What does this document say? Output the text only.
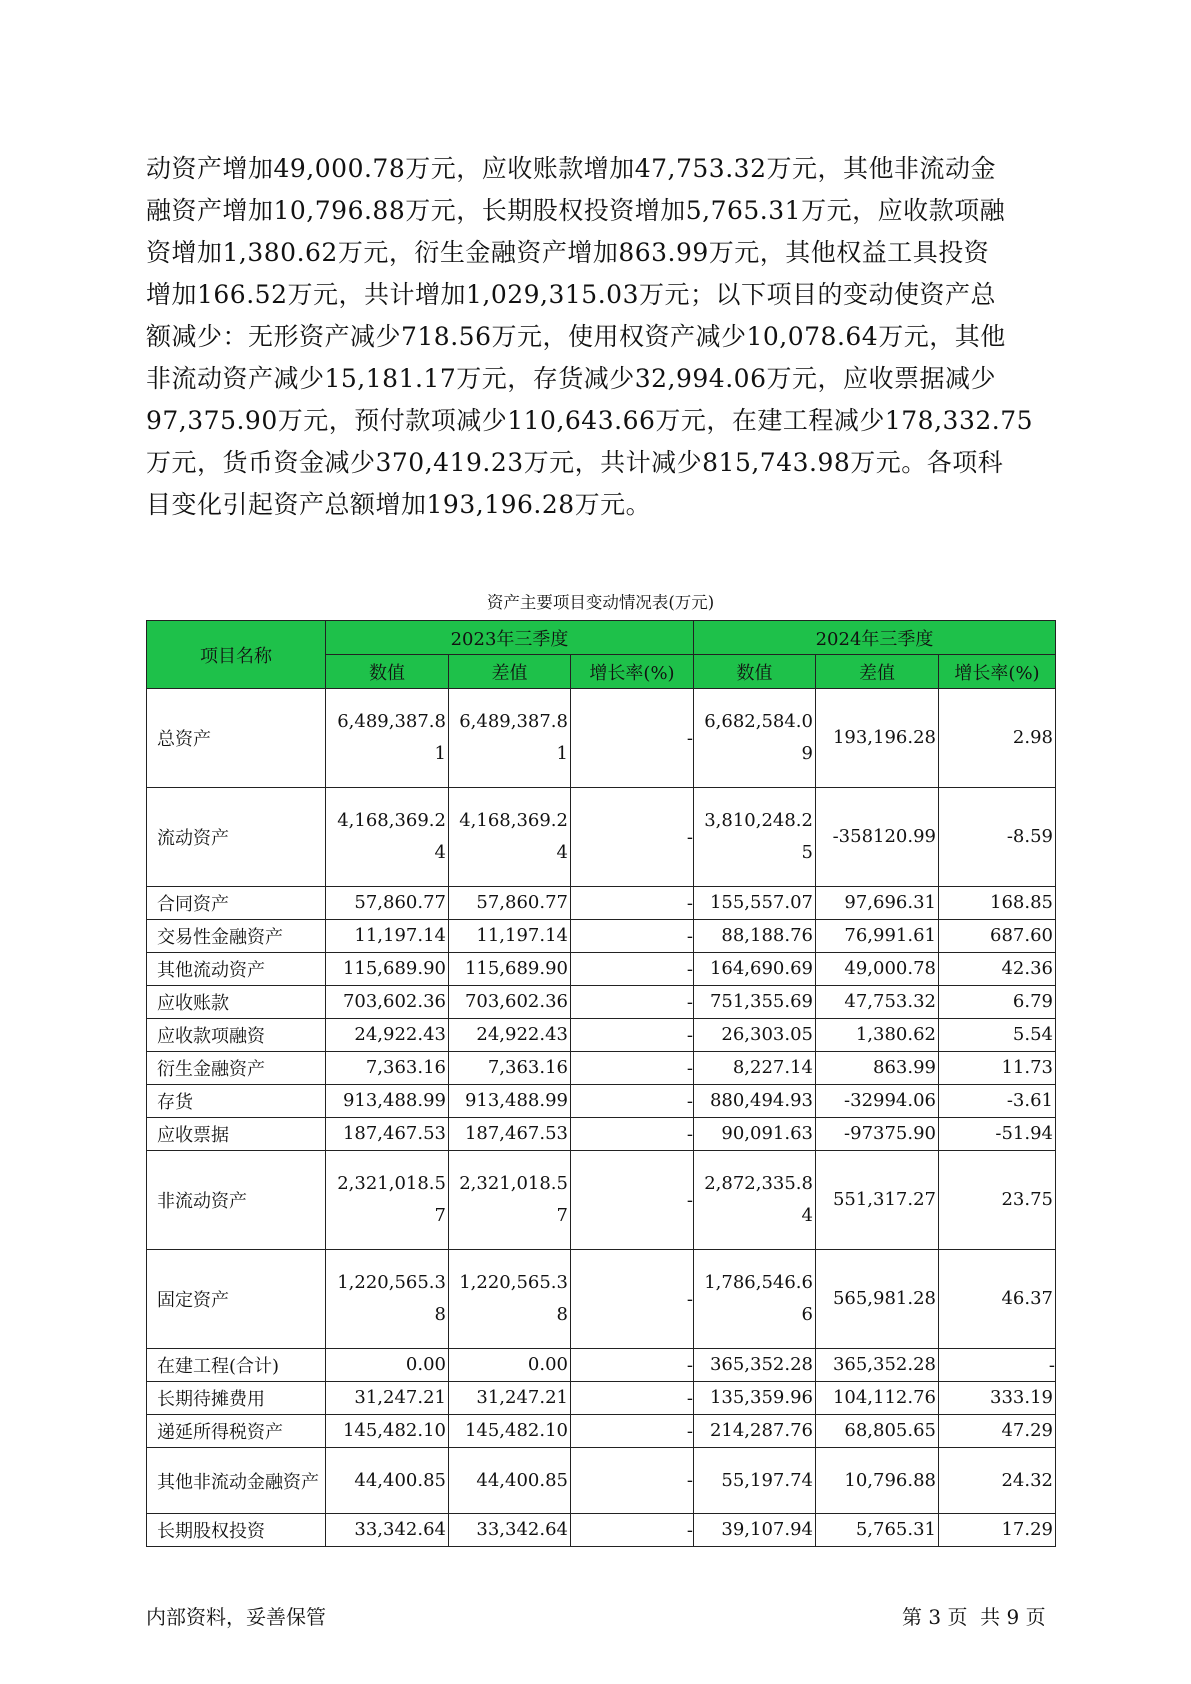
动资产增加49,000.78万元，应收账款增加47,753.32万元，其他非流动金

融资产增加10,796.88万元，长期股权投资增加5,765.31万元，应收款项融

资增加1,380.62万元，衍生金融资产增加863.99万元，其他权益工具投资

增加166.52万元，共计增加1,029,315.03万元；以下项目的变动使资产总

额减少：无形资产减少718.56万元，使用权资产减少10,078.64万元，其他

非流动资产减少15,181.17万元，存货减少32,994.06万元，应收票据减少

97,375.90万元，预付款项减少110,643.66万元，在建工程减少178,332.75

万元，货币资金减少370,419.23万元，共计减少815,743.98万元。各项科

目变化引起资产总额增加193,196.28万元。

资产主要项目变动情况表(万元)
项目名称	2023年三季度			2024年三季度		
	数值	差值	增长率(%)	数值	差值	增长率(%)
总资产	6,489,387.81	6,489,387.81	-	6,682,584.09	193,196.28	2.98
流动资产	4,168,369.24	4,168,369.24	-	3,810,248.25	-358120.99	-8.59
合同资产	57,860.77	57,860.77	-	155,557.07	97,696.31	168.85
交易性金融资产	11,197.14	11,197.14	-	88,188.76	76,991.61	687.60
其他流动资产	115,689.90	115,689.90	-	164,690.69	49,000.78	42.36
应收账款	703,602.36	703,602.36	-	751,355.69	47,753.32	6.79
应收款项融资	24,922.43	24,922.43	-	26,303.05	1,380.62	5.54
衍生金融资产	7,363.16	7,363.16	-	8,227.14	863.99	11.73
存货	913,488.99	913,488.99	-	880,494.93	-32994.06	-3.61
应收票据	187,467.53	187,467.53	-	90,091.63	-97375.90	-51.94
非流动资产	2,321,018.57	2,321,018.57	-	2,872,335.84	551,317.27	23.75
固定资产	1,220,565.38	1,220,565.38	-	1,786,546.66	565,981.28	46.37
在建工程(合计)	0.00	0.00	-	365,352.28	365,352.28	-
长期待摊费用	31,247.21	31,247.21	-	135,359.96	104,112.76	333.19
递延所得税资产	145,482.10	145,482.10	-	214,287.76	68,805.65	47.29
其他非流动金融资产	44,400.85	44,400.85	-	55,197.74	10,796.88	24.32
长期股权投资	33,342.64	33,342.64	-	39,107.94	5,765.31	17.29
内部资料，妥善保管	第 3 页  共 9 页
